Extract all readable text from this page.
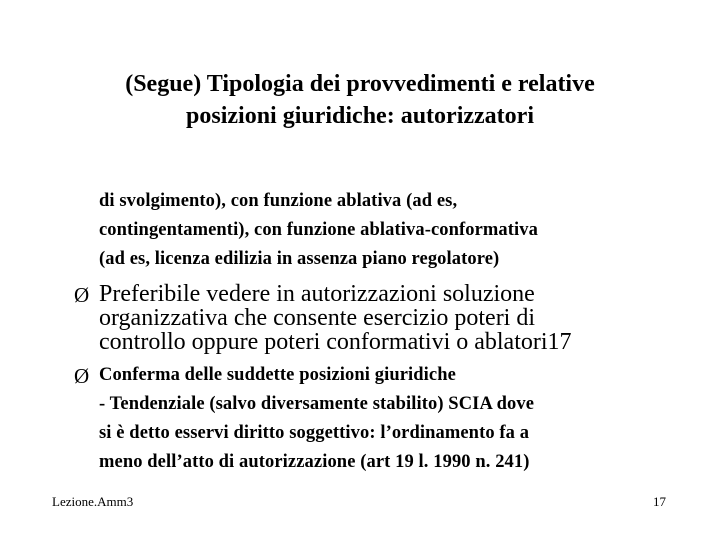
(Segue) Tipologia dei provvedimenti e relative
posizioni giuridiche: autorizzatori
di svolgimento), con funzione ablativa (ad es,
contingentamenti), con funzione ablativa-conformativa
(ad es, licenza edilizia in assenza piano regolatore)
Ø Preferibile vedere in autorizzazioni soluzione
organizzativa che consente esercizio poteri di
controllo oppure poteri conformativi o ablatori17
Ø Conferma delle suddette posizioni giuridiche
- Tendenziale (salvo diversamente stabilito) SCIA dove
si è detto esservi diritto soggettivo: l’ordinamento fa a
meno dell’atto di autorizzazione (art 19 l. 1990 n. 241)
Lezione.Amm3	17
